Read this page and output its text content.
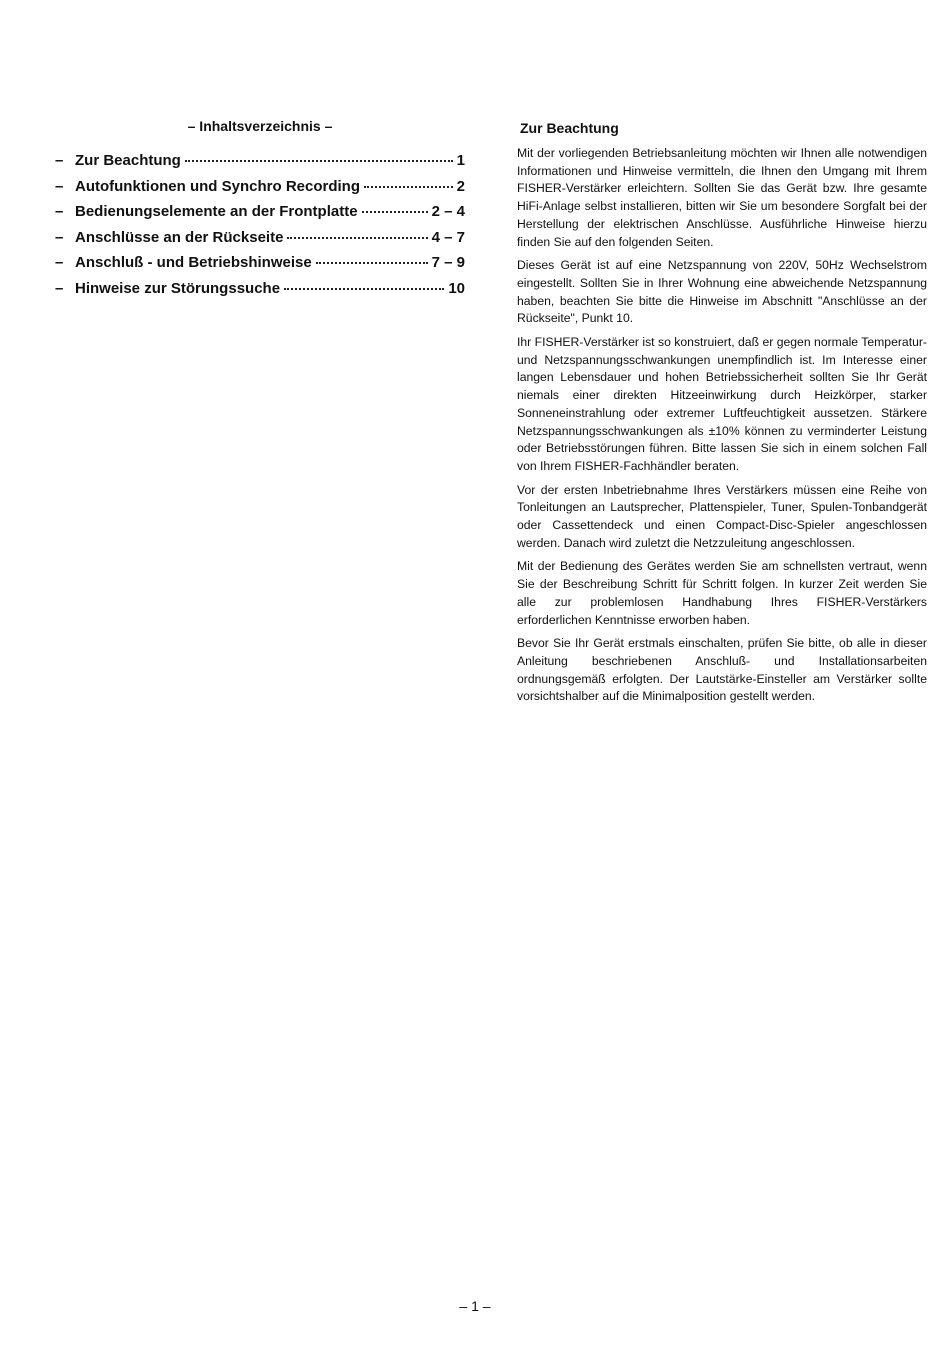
– Inhaltsverzeichnis –
– Zur Beachtung	1
– Autofunktionen und Synchro Recording	2
– Bedienungselemente an der Frontplatte	2 – 4
– Anschlüsse an der Rückseite	4 – 7
– Anschluß - und Betriebshinweise	7 – 9
– Hinweise zur Störungssuche	10
Zur Beachtung

Mit der vorliegenden Betriebsanleitung möchten wir Ihnen alle notwendigen Informationen und Hinweise vermitteln, die Ihnen den Umgang mit Ihrem FISHER-Verstärker erleichtern. Sollten Sie das Gerät bzw. Ihre gesamte HiFi-Anlage selbst installieren, bitten wir Sie um besondere Sorgfalt bei der Herstellung der elektrischen Anschlüsse. Ausführliche Hinweise hierzu finden Sie auf den folgenden Seiten.

Dieses Gerät ist auf eine Netzspannung von 220V, 50Hz Wechselstrom eingestellt. Sollten Sie in Ihrer Wohnung eine abweichende Netzspannung haben, beachten Sie bitte die Hinweise im Abschnitt "Anschlüsse an der Rückseite", Punkt 10.

Ihr FISHER-Verstärker ist so konstruiert, daß er gegen normale Temperatur- und Netzspannungsschwankungen unempfindlich ist. Im Interesse einer langen Lebensdauer und hohen Betriebssicherheit sollten Sie Ihr Gerät niemals einer direkten Hitzeeinwirkung durch Heizkörper, starker Sonneneinstrahlung oder extremer Luftfeuchtigkeit aussetzen. Stärkere Netzspannungsschwankungen als ±10% können zu verminderter Leistung oder Betriebsstörungen führen. Bitte lassen Sie sich in einem solchen Fall von Ihrem FISHER-Fachhändler beraten.

Vor der ersten Inbetriebnahme Ihres Verstärkers müssen eine Reihe von Tonleitungen an Lautsprecher, Plattenspieler, Tuner, Spulen-Tonbandgerät oder Cassettendeck und einen Compact-Disc-Spieler angeschlossen werden. Danach wird zuletzt die Netzzuleitung angeschlossen.

Mit der Bedienung des Gerätes werden Sie am schnellsten vertraut, wenn Sie der Beschreibung Schritt für Schritt folgen. In kurzer Zeit werden Sie alle zur problemlosen Handhabung Ihres FISHER-Verstärkers erforderlichen Kenntnisse erworben haben.

Bevor Sie Ihr Gerät erstmals einschalten, prüfen Sie bitte, ob alle in dieser Anleitung beschriebenen Anschluß- und Installationsarbeiten ordnungsgemäß erfolgten. Der Lautstärke-Einsteller am Verstärker sollte vorsichtshalber auf die Minimalposition gestellt werden.

– 1 –
